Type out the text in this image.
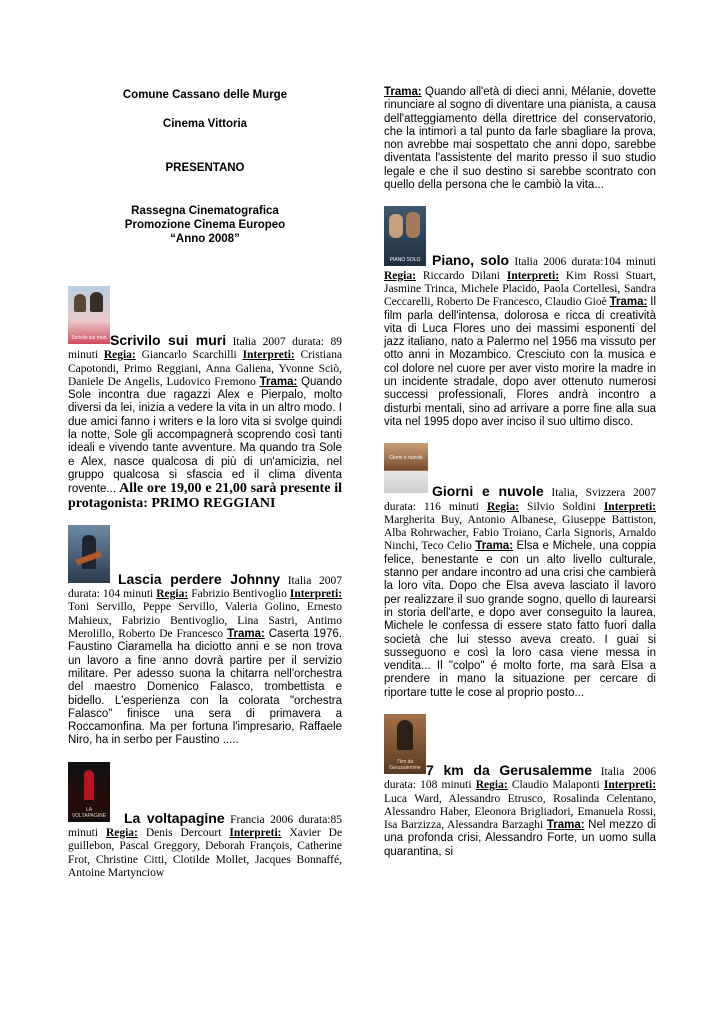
Comune Cassano delle Murge

Cinema Vittoria

PRESENTANO

Rassegna Cinematografica

Promozione Cinema Europeo

“Anno 2008”

Scrivilo sui muri Scrivilo sui muri Italia 2007 durata: 89 minuti Regia: Giancarlo Scarchilli Interpreti: Cristiana Capotondi, Primo Reggiani, Anna Galiena, Yvonne Sciò, Daniele De Angelis, Ludovico Fremono Trama: Quando Sole incontra due ragazzi Alex e Pierpalo, molto diversi da lei, inizia a vedere la vita in un altro modo. I due amici fanno i writers e la loro vita si svolge quindi la notte, Sole gli accompagnerà scoprendo così tanti ideali e vivendo tante avventure. Ma quando tra Sole e Alex, nasce qualcosa di più di un'amicizia, nel gruppo qualcosa si sfascia ed il clima diventa rovente... Alle ore 19,00 e 21,00 sarà presente il protagonista: PRIMO REGGIANI

Lascia perdere Johnny Italia 2007 durata: 104 minuti Regia: Fabrizio Bentivoglio Interpreti: Toni Servillo, Peppe Servillo, Valeria Golino, Ernesto Mahieux, Fabrizio Bentivoglio, Lina Sastri, Antimo Merolillo, Roberto De Francesco Trama: Caserta 1976. Faustino Ciaramella ha diciotto anni e se non trova un lavoro a fine anno dovrà partire per il servizio militare. Per adesso suona la chitarra nell'orchestra del maestro Domenico Falasco, trombettista e bidello. L'esperienza con la colorata "orchestra Falasco" finisce una sera di primavera a Roccamonfina. Ma per fortuna l'impresario, Raffaele Niro, ha in serbo per Faustino .....

LA VOLTAPAGINE	La voltapagine Francia 2006 durata:85 minuti Regia: Denis Dercourt Interpreti: Xavier De guillebon, Pascal Greggory, Deborah François, Catherine Frot, Christine Citti, Clotilde Mollet, Jacques Bonnaffé, Antoine Martynciow

Trama: Quando all'età di dieci anni, Mélanie, dovette rinunciare al sogno di diventare una pianista, a causa dell'atteggiamento della direttrice del conservatorio, che la intimorì a tal punto da farle sbagliare la prova, non avrebbe mai sospettato che anni dopo, sarebbe diventata l'assistente del marito presso il suo studio legale e che il suo destino si sarebbe scontrato con quello della persona che le cambiò la vita...

PIANO SOLO Piano, solo Italia 2006 durata:104 minuti Regia: Riccardo Dilani Interpreti: Kim Rossi Stuart, Jasmine Trinca, Michele Placido, Paola Cortellesi, Sandra Ceccarelli, Roberto De Francesco, Claudio Gioè Trama: Il film parla dell'intensa, dolorosa e ricca di creatività vita di Luca Flores uno dei massimi esponenti del jazz italiano, nato a Palermo nel 1956 ma vissuto per otto anni in Mozambico. Cresciuto con la musica e col dolore nel cuore per aver visto morire la madre in un incidente stradale, dopo aver ottenuto numerosi successi professionali, Flores andrà incontro a disturbi mentali, sino ad arrivare a porre fine alla sua vita nel 1995 dopo aver inciso il suo ultimo disco.

Giorni e nuvole

Giorni e nuvole Italia, Svizzera 2007 durata: 116 minuti Regia: Silvio Soldini Interpreti: Margherita Buy, Antonio Albanese, Giuseppe Battiston, Alba Rohrwacher, Fabio Troiano, Carla Signoris, Arnaldo Ninchi, Teco Celio Trama: Elsa e Michele, una coppia felice, benestante e con un alto livello culturale, stanno per andare incontro ad una crisi che cambierà la loro vita. Dopo che Elsa aveva lasciato il lavoro per realizzare il suo grande sogno, quello di laurearsi in storia dell'arte, e dopo aver conseguito la laurea, Michele le confessa di essere stato fatto fuori dalla società che lui stesso aveva creato. I guai si susseguono e così la loro casa viene messa in vendita... Il "colpo" é molto forte, ma sarà Elsa a prendere in mano la situazione per cercare di riportare tutte le cose al proprio posto...

7km da Gerusalemme 7 km da Gerusalemme Italia 2006 durata: 108 minuti Regia: Claudio Malaponti Interpreti: Luca Ward, Alessandro Etrusco, Rosalinda Celentano, Alessandro Haber, Eleonora Brigliadori, Emanuela Rossi, Isa Barzizza, Alessandra Barzaghi Trama: Nel mezzo di una profonda crisi, Alessandro Forte, un uomo sulla quarantina, si
